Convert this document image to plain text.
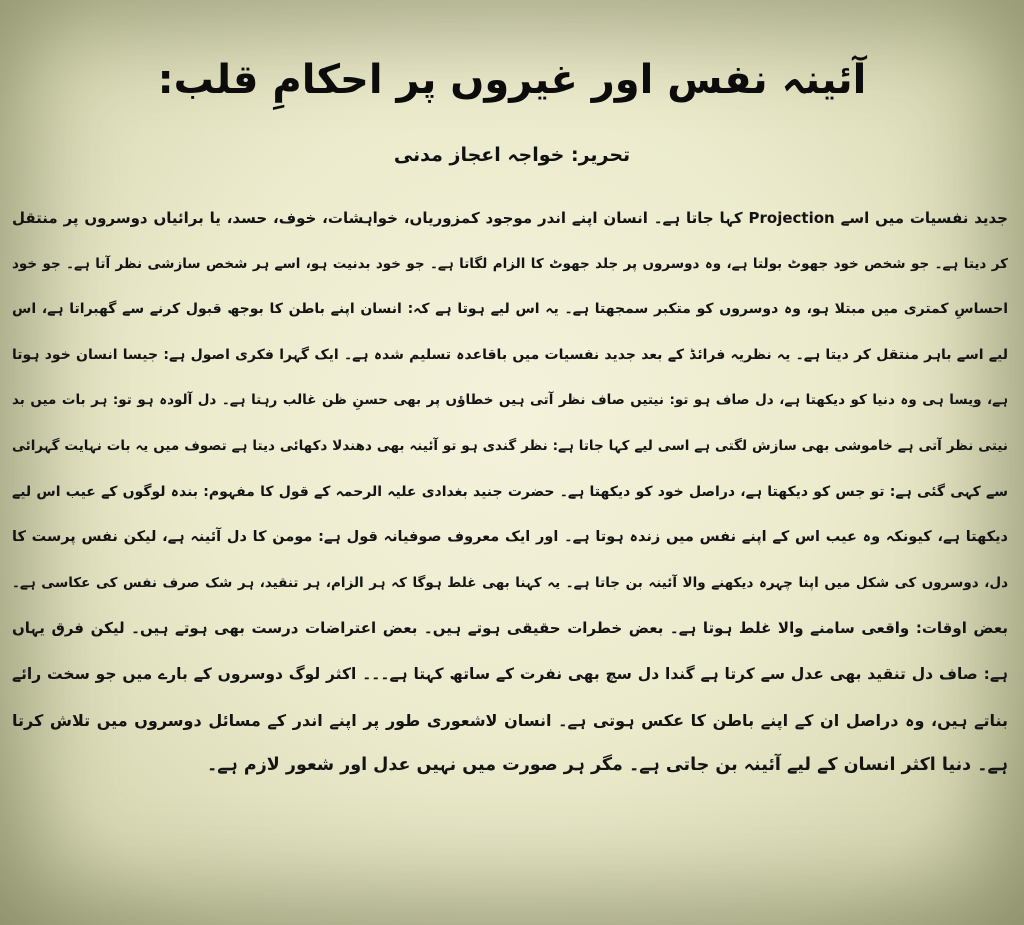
آئینہ نفس اور غیروں پر احکامِ قلب:
تحریر: خواجہ اعجاز مدنی
جدید نفسیات میں اسے Projection کہا جاتا ہے۔ انسان اپنے اندر موجود کمزوریاں، خواہشات، خوف، حسد، یا برائیاں دوسروں پر منتقل
کر دیتا ہے۔ جو شخص خود جھوٹ بولتا ہے، وہ دوسروں پر جلد جھوٹ کا الزام لگاتا ہے۔ جو خود بدنیت ہو، اسے ہر شخص سازشی نظر آتا ہے۔ جو خود
احساسِ کمتری میں مبتلا ہو، وہ دوسروں کو متکبر سمجھتا ہے۔ یہ اس لیے ہوتا ہے کہ: انسان اپنے باطن کا بوجھ قبول کرنے سے گھبراتا ہے، اس
لیے اسے باہر منتقل کر دیتا ہے۔ یہ نظریہ فرائڈ کے بعد جدید نفسیات میں باقاعدہ تسلیم شدہ ہے۔ ایک گہرا فکری اصول ہے: جیسا انسان خود ہوتا
ہے، ویسا ہی وہ دنیا کو دیکھتا ہے، دل صاف ہو تو: نیتیں صاف نظر آتی ہیں خطاؤں پر بھی حسنِ ظن غالب رہتا ہے۔ دل آلودہ ہو تو: ہر بات میں بد
نیتی نظر آتی ہے خاموشی بھی سازش لگتی ہے اسی لیے کہا جاتا ہے: نظر گندی ہو تو آئینہ بھی دھندلا دکھائی دیتا ہے تصوف میں یہ بات نہایت گہرائی
سے کہی گئی ہے: تو جس کو دیکھتا ہے، دراصل خود کو دیکھتا ہے۔ حضرت جنید بغدادی علیہ الرحمہ کے قول کا مفہوم: بندہ لوگوں کے عیب اس لیے
دیکھتا ہے، کیونکہ وہ عیب اس کے اپنے نفس میں زندہ ہوتا ہے۔ اور ایک معروف صوفیانہ قول ہے: مومن کا دل آئینہ ہے، لیکن نفس پرست کا
دل، دوسروں کی شکل میں اپنا چہرہ دیکھنے والا آئینہ بن جاتا ہے۔ یہ کہنا بھی غلط ہوگا کہ ہر الزام، ہر تنقید، ہر شک صرف نفس کی عکاسی ہے۔
بعض اوقات: واقعی سامنے والا غلط ہوتا ہے۔ بعض خطرات حقیقی ہوتے ہیں۔ بعض اعتراضات درست بھی ہوتے ہیں۔ لیکن فرق یہاں
ہے: صاف دل تنقید بھی عدل سے کرتا ہے گندا دل سچ بھی نفرت کے ساتھ کہتا ہے۔۔۔ اکثر لوگ دوسروں کے بارے میں جو سخت رائے
بناتے ہیں، وہ دراصل ان کے اپنے باطن کا عکس ہوتی ہے۔ انسان لاشعوری طور پر اپنے اندر کے مسائل دوسروں میں تلاش کرتا
ہے۔ دنیا اکثر انسان کے لیے آئینہ بن جاتی ہے۔ مگر ہر صورت میں نہیں عدل اور شعور لازم ہے۔
